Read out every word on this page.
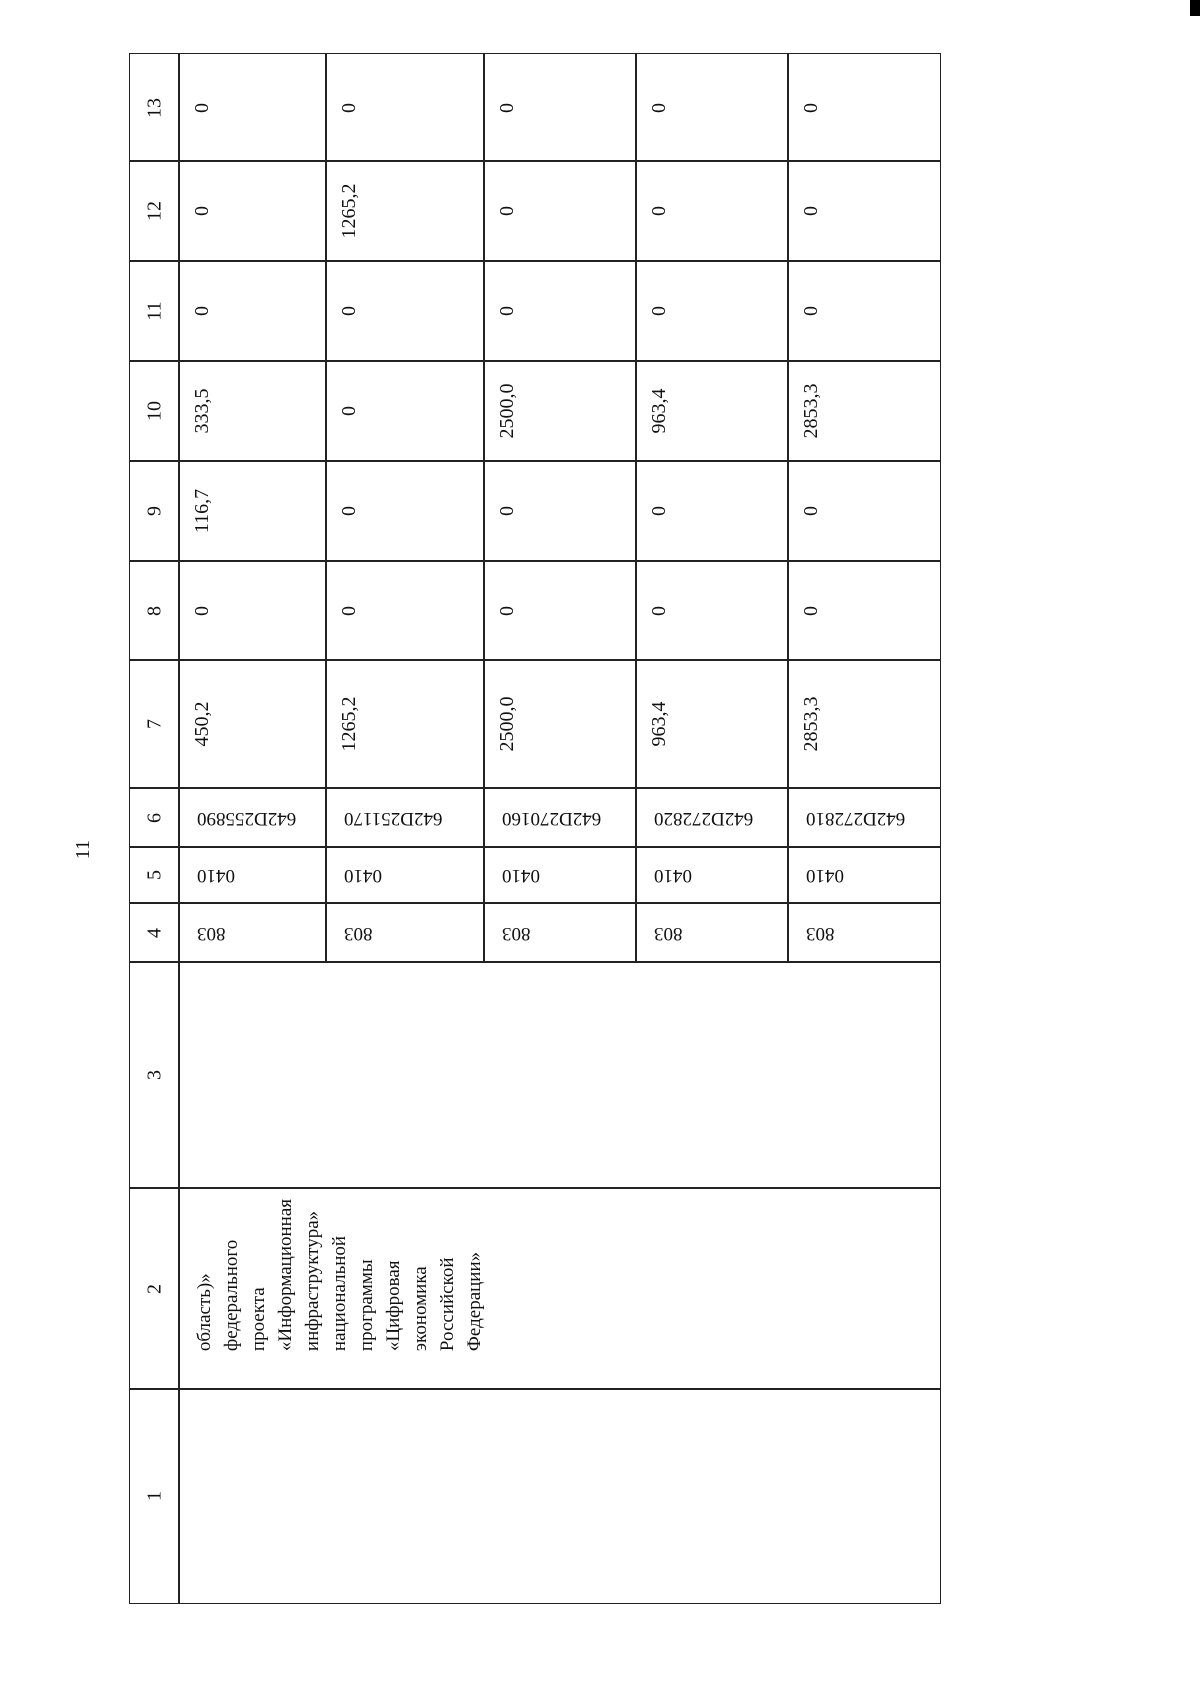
11
1
2
3
4
5
6
7
8
9
10
11
12
13
область)»
федерального
проекта
«Информационная
инфраструктура»
национальной
программы
«Цифровая
экономика
Российской
Федерации»
803
0410
642D255890
450,2
0
116,7
333,5
0
0
0
803
0410
642D251170
1265,2
0
0
0
0
1265,2
0
803
0410
642D270160
2500,0
0
0
2500,0
0
0
0
803
0410
642D272820
963,4
0
0
963,4
0
0
0
803
0410
642D272810
2853,3
0
0
2853,3
0
0
0
